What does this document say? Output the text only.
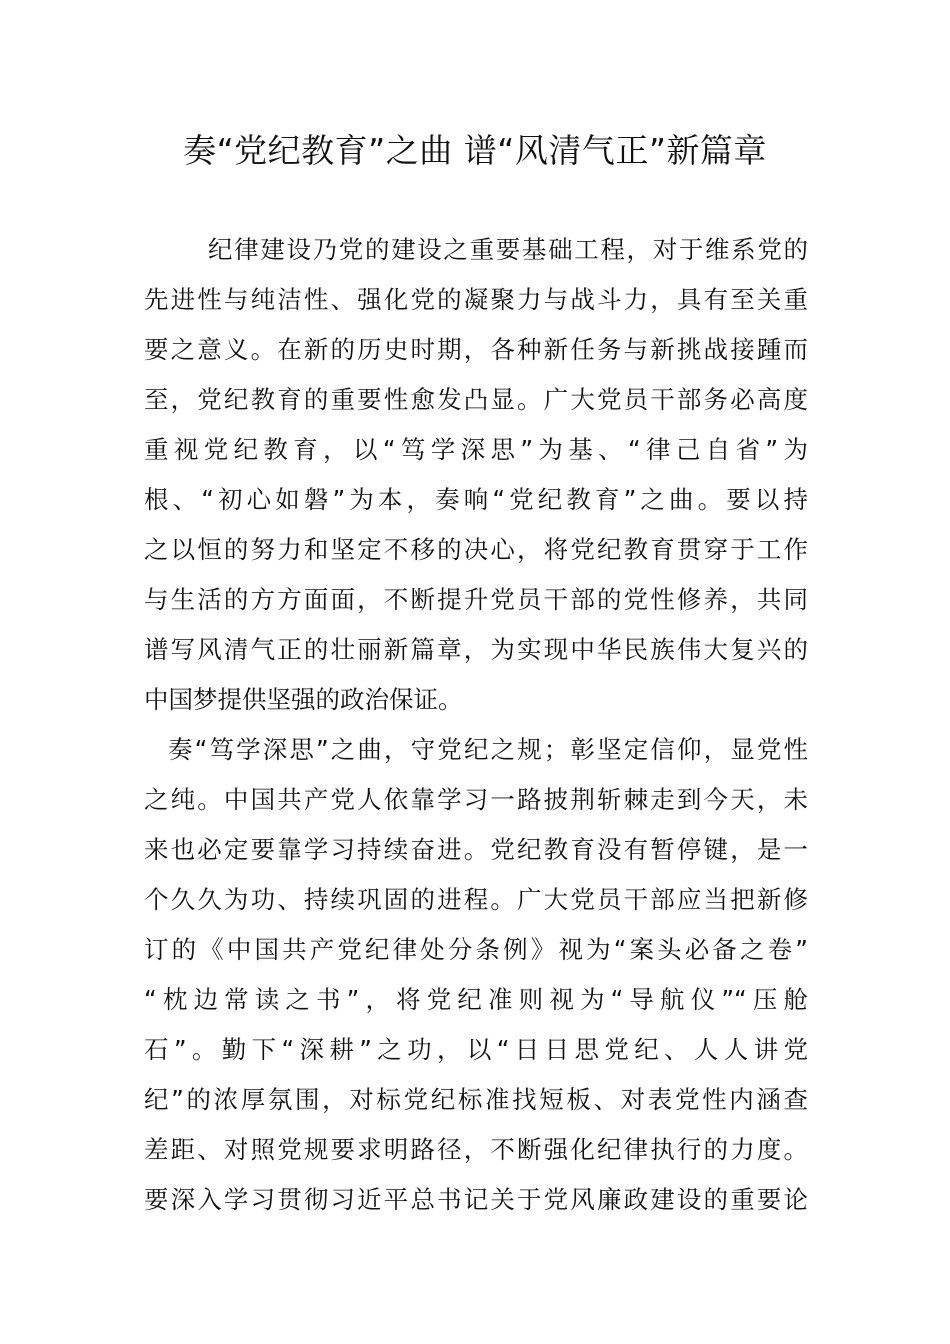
奏“党纪教育”之曲 谱“风清气正”新篇章
纪律建设乃党的建设之重要基础工程，对于维系党的
先进性与纯洁性、强化党的凝聚力与战斗力，具有至关重
要之意义。在新的历史时期，各种新任务与新挑战接踵而
至，党纪教育的重要性愈发凸显。广大党员干部务必高度
重视党纪教育，以“笃学深思”为基、“律己自省”为
根、“初心如磐”为本，奏响“党纪教育”之曲。要以持
之以恒的努力和坚定不移的决心，将党纪教育贯穿于工作
与生活的方方面面，不断提升党员干部的党性修养，共同
谱写风清气正的壮丽新篇章，为实现中华民族伟大复兴的
中国梦提供坚强的政治保证。
奏“笃学深思”之曲，守党纪之规；彰坚定信仰，显党性
之纯。中国共产党人依靠学习一路披荆斩棘走到今天，未
来也必定要靠学习持续奋进。党纪教育没有暂停键，是一
个久久为功、持续巩固的进程。广大党员干部应当把新修
订的《中国共产党纪律处分条例》视为“案头必备之卷”
“枕边常读之书”，将党纪准则视为“导航仪”“压舱
石”。勤下“深耕”之功，以“日日思党纪、人人讲党
纪”的浓厚氛围，对标党纪标准找短板、对表党性内涵查
差距、对照党规要求明路径，不断强化纪律执行的力度。
要深入学习贯彻习近平总书记关于党风廉政建设的重要论
